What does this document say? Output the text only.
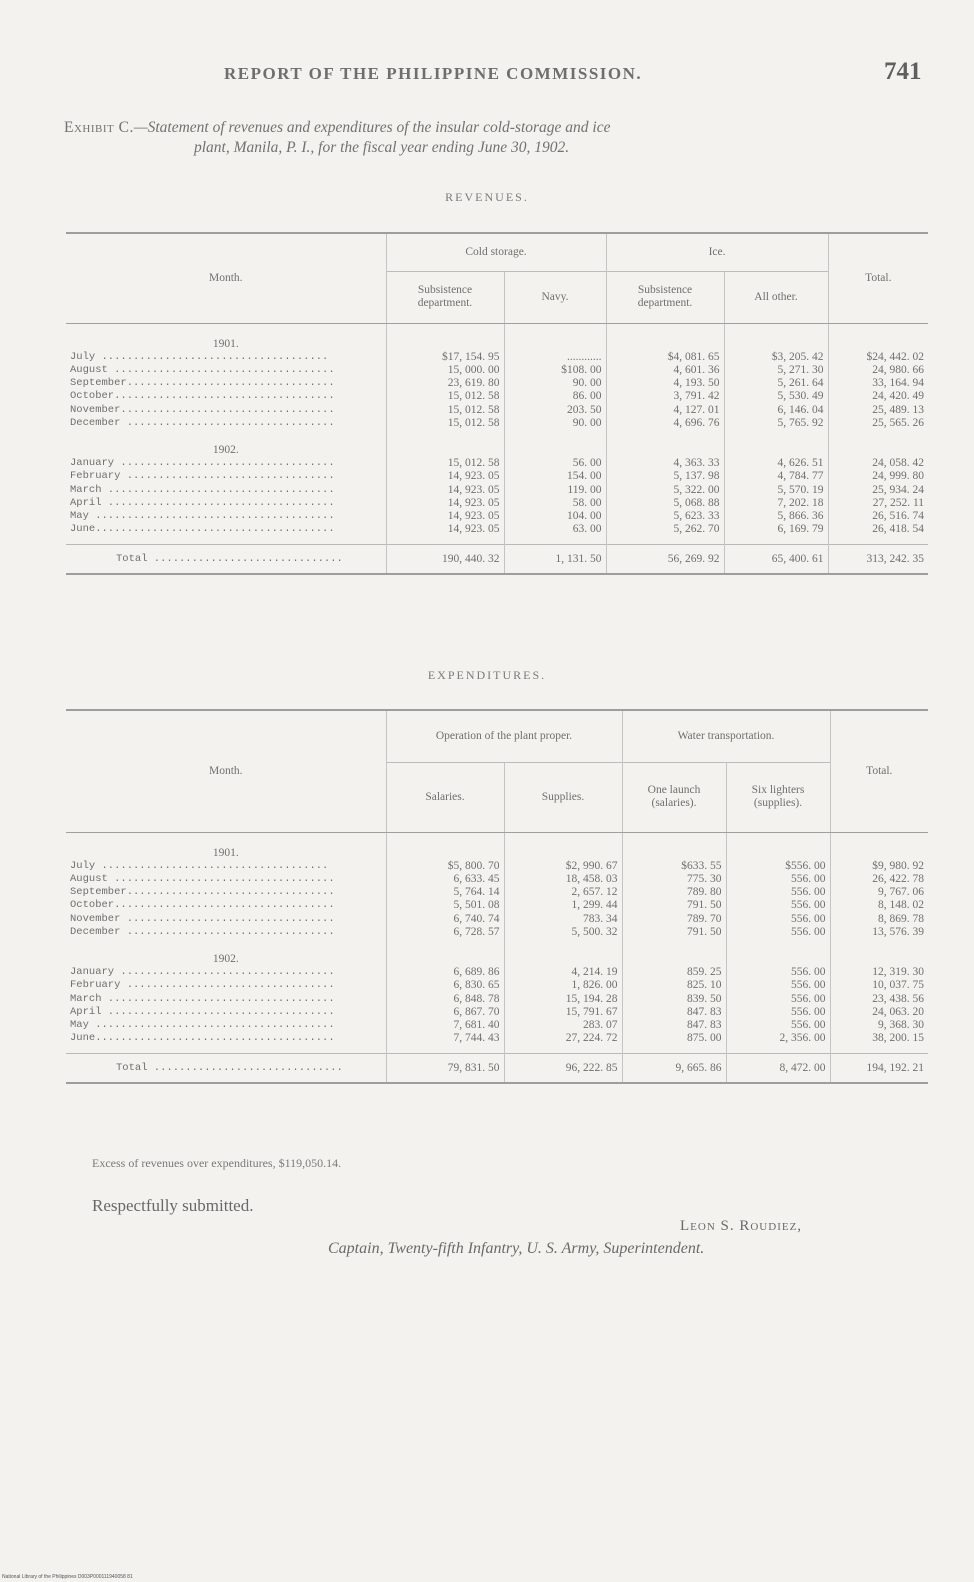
REPORT OF THE PHILIPPINE COMMISSION.	741
Exhibit C.—Statement of revenues and expenditures of the insular cold-storage and ice
plant, Manila, P. I., for the fiscal year ending June 30, 1902.
REVENUES.
Month.	Cold storage.		Ice.		Total.
	Subsistence department.	Navy.	Subsistence department.	All other.	
1901.					
July ....................................	$17, 154. 95	............	$4, 081. 65	$3, 205. 42	$24, 442. 02
August ...................................	15, 000. 00	$108. 00	4, 601. 36	5, 271. 30	24, 980. 66
September.................................	23, 619. 80	90. 00	4, 193. 50	5, 261. 64	33, 164. 94
October...................................	15, 012. 58	86. 00	3, 791. 42	5, 530. 49	24, 420. 49
November..................................	15, 012. 58	203. 50	4, 127. 01	6, 146. 04	25, 489. 13
December .................................	15, 012. 58	90. 00	4, 696. 76	5, 765. 92	25, 565. 26
1902.					
January ..................................	15, 012. 58	56. 00	4, 363. 33	4, 626. 51	24, 058. 42
February .................................	14, 923. 05	154. 00	5, 137. 98	4, 784. 77	24, 999. 80
March ....................................	14, 923. 05	119. 00	5, 322. 00	5, 570. 19	25, 934. 24
April ....................................	14, 923. 05	58. 00	5, 068. 88	7, 202. 18	27, 252. 11
May ......................................	14, 923. 05	104. 00	5, 623. 33	5, 866. 36	26, 516. 74
June......................................	14, 923. 05	63. 00	5, 262. 70	6, 169. 79	26, 418. 54

Total ..............................	190, 440. 32	1, 131. 50	56, 269. 92	65, 400. 61	313, 242. 35
EXPENDITURES.
Month.	Operation of the plant proper.		Water transportation.		Total.
	Salaries.	Supplies.	One launch (salaries).	Six lighters (supplies).	
1901.					
July ....................................	$5, 800. 70	$2, 990. 67	$633. 55	$556. 00	$9, 980. 92
August ...................................	6, 633. 45	18, 458. 03	775. 30	556. 00	26, 422. 78
September.................................	5, 764. 14	2, 657. 12	789. 80	556. 00	9, 767. 06
October...................................	5, 501. 08	1, 299. 44	791. 50	556. 00	8, 148. 02
November .................................	6, 740. 74	783. 34	789. 70	556. 00	8, 869. 78
December .................................	6, 728. 57	5, 500. 32	791. 50	556. 00	13, 576. 39
1902.					
January ..................................	6, 689. 86	4, 214. 19	859. 25	556. 00	12, 319. 30
February .................................	6, 830. 65	1, 826. 00	825. 10	556. 00	10, 037. 75
March ....................................	6, 848. 78	15, 194. 28	839. 50	556. 00	23, 438. 56
April ....................................	6, 867. 70	15, 791. 67	847. 83	556. 00	24, 063. 20
May ......................................	7, 681. 40	283. 07	847. 83	556. 00	9, 368. 30
June......................................	7, 744. 43	27, 224. 72	875. 00	2, 356. 00	38, 200. 15

Total ..............................	79, 831. 50	96, 222. 85	9, 665. 86	8, 472. 00	194, 192. 21
Excess of revenues over expenditures, $119,050.14.
Respectfully submitted.
Leon S. Roudiez,
Captain, Twenty-fifth Infantry, U. S. Army, Superintendent.
National Library of the Philippines D003P000111940058 81
